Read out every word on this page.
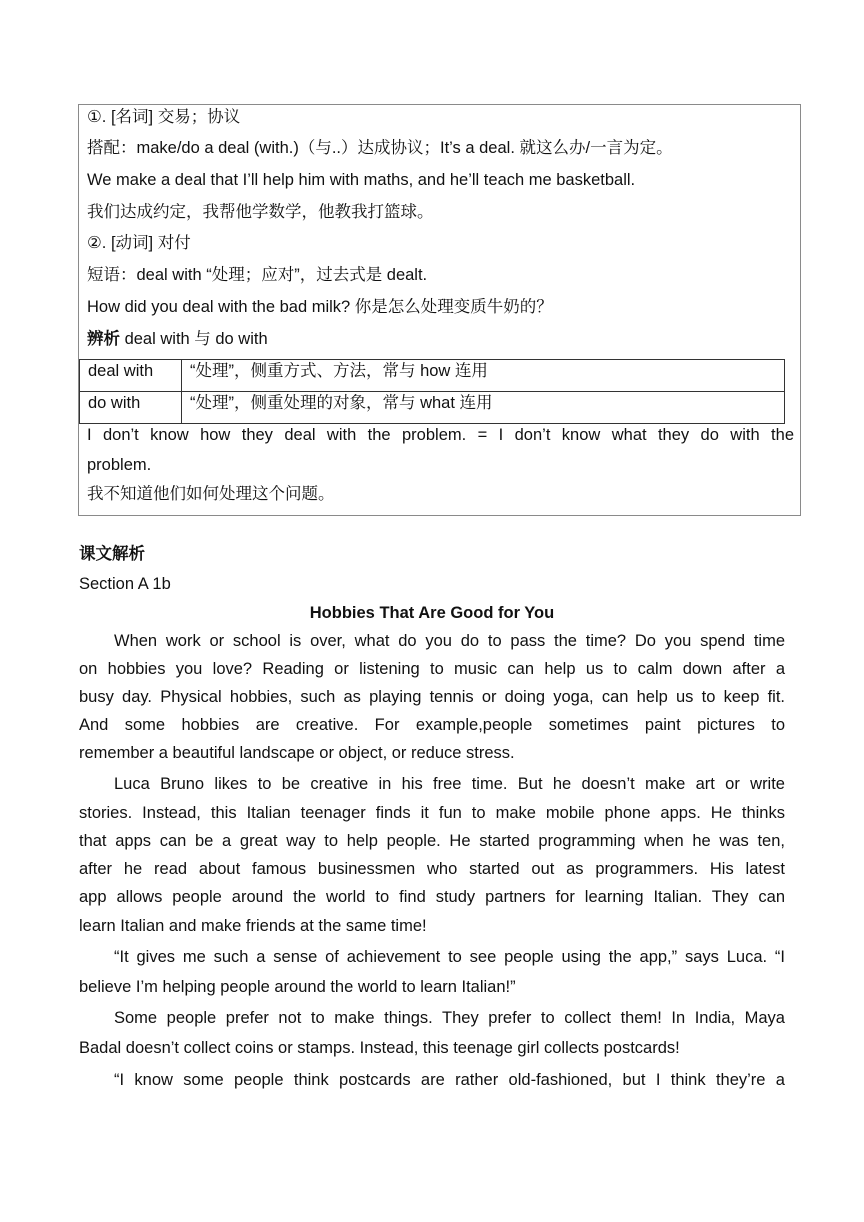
①. [名词] 交易；协议
搭配：make/do a deal (with.)（与..）达成协议；It’s a deal. 就这么办/一言为定。
We make a deal that I’ll help him with maths, and he’ll teach me basketball.
我们达成约定，我帮他学数学，他教我打篮球。
②. [动词] 对付
短语：deal with “处理；应对”，过去式是 dealt.
How did you deal with the bad milk? 你是怎么处理变质牛奶的？
辨析 deal with 与 do with
deal with	“处理”，侧重方式、方法，常与 how 连用
do with	“处理”，侧重处理的对象，常与 what 连用
I don’t know how they deal with the problem. = I don’t know what they do with the
problem.
我不知道他们如何处理这个问题。
课文解析
Section A 1b
Hobbies That Are Good for You
When work or school is over, what do you do to pass the time? Do you spend time
on hobbies you love? Reading or listening to music can help us to calm down after a
busy day. Physical hobbies, such as playing tennis or doing yoga, can help us to keep fit.
And some hobbies are creative. For example,people sometimes paint pictures to
remember a beautiful landscape or object, or reduce stress.
Luca Bruno likes to be creative in his free time. But he doesn’t make art or write
stories. Instead, this Italian teenager finds it fun to make mobile phone apps. He thinks
that apps can be a great way to help people. He started programming when he was ten,
after he read about famous businessmen who started out as programmers. His latest
app allows people around the world to find study partners for learning Italian. They can
learn Italian and make friends at the same time!
“It gives me such a sense of achievement to see people using the app,” says Luca. “I
believe I’m helping people around the world to learn Italian!”
Some people prefer not to make things. They prefer to collect them! In India, Maya
Badal doesn’t collect coins or stamps. Instead, this teenage girl collects postcards!
“I know some people think postcards are rather old-fashioned, but I think they’re a
